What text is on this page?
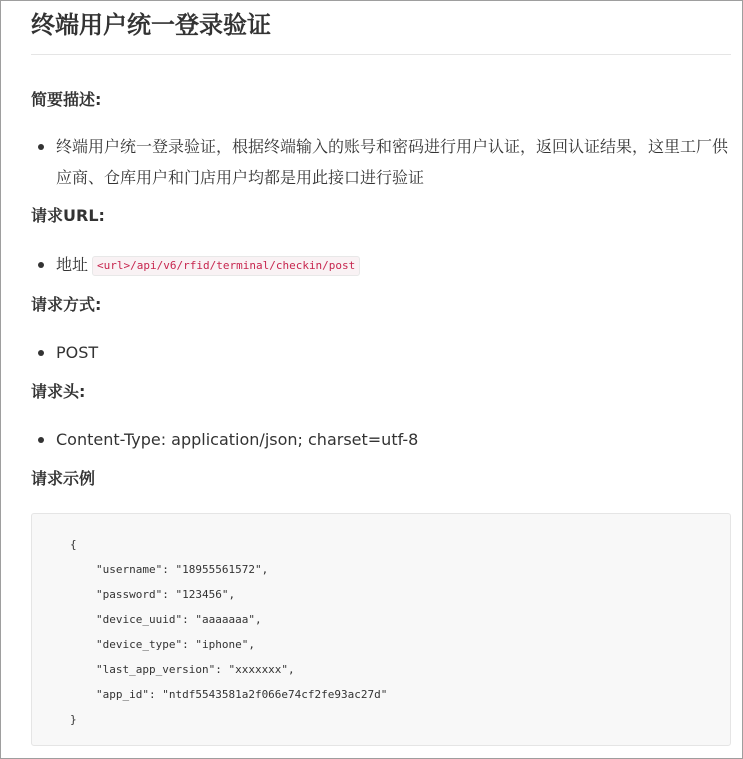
终端用户统一登录验证
简要描述:
终端用户统一登录验证，根据终端输入的账号和密码进行用户认证，返回认证结果，这里工厂供应商、仓库用户和门店用户均都是用此接口进行验证
请求URL:
地址 <url>/api/v6/rfid/terminal/checkin/post
请求方式:
POST
请求头:
Content-Type: application/json; charset=utf-8
请求示例
{
"username": "18955561572",
"password": "123456",
"device_uuid": "aaaaaaa",
"device_type": "iphone",
"last_app_version": "xxxxxxx",
"app_id": "ntdf5543581a2f066e74cf2fe93ac27d"
}
